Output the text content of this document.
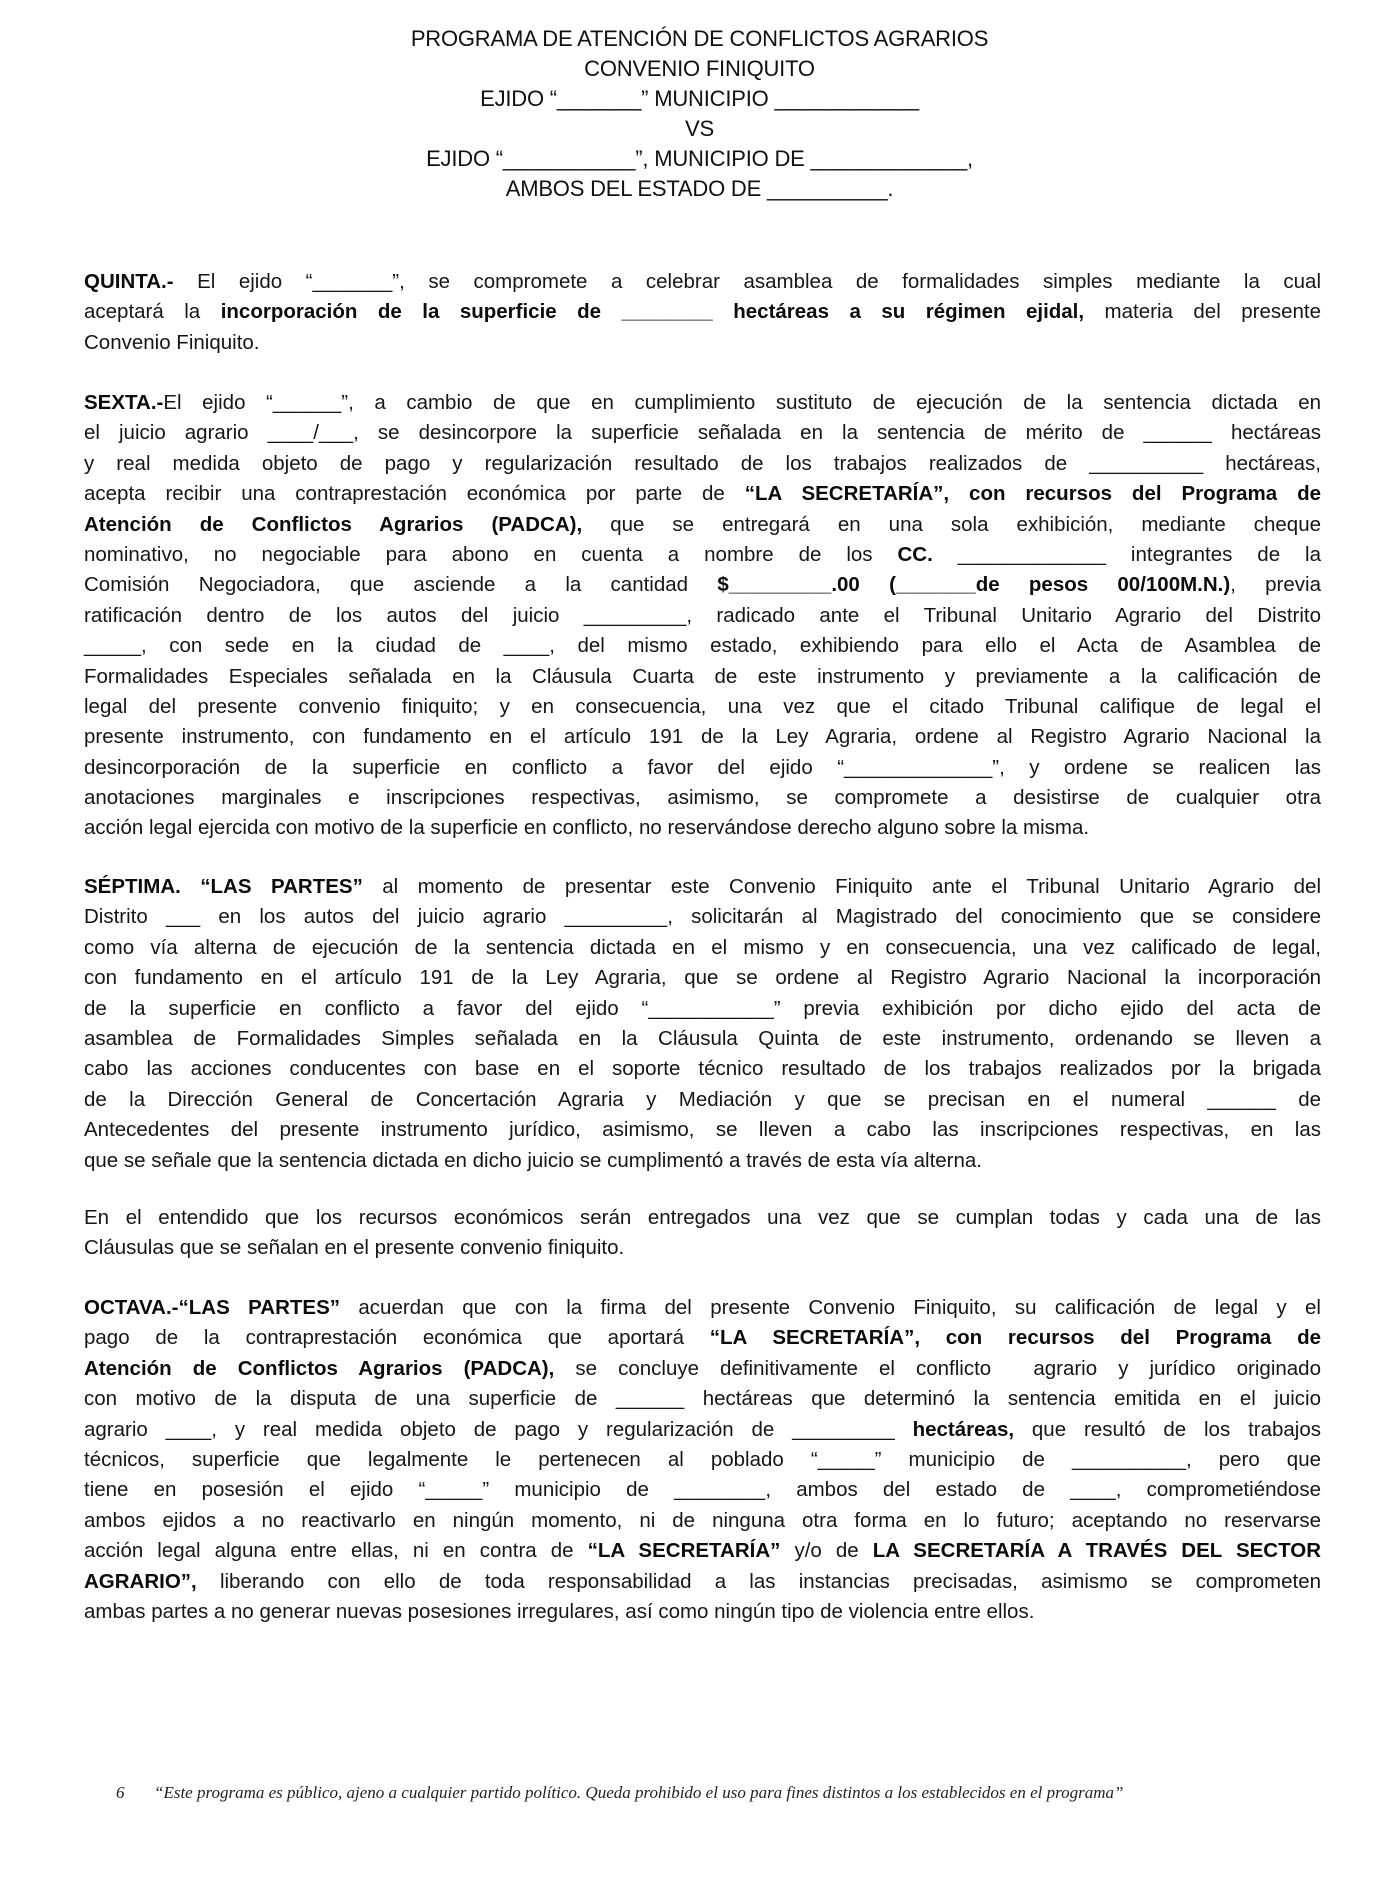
PROGRAMA DE ATENCIÓN DE CONFLICTOS AGRARIOS
CONVENIO FINIQUITO
EJIDO “_______” MUNICIPIO ____________
VS
EJIDO “___________”, MUNICIPIO DE _____________,
AMBOS DEL ESTADO DE __________.
QUINTA.- El ejido “_______”, se compromete a celebrar asamblea de formalidades simples mediante la cual
aceptará la incorporación de la superficie de ________ hectáreas a su régimen ejidal, materia del presente
Convenio Finiquito.
SEXTA.-El ejido “______”, a cambio de que en cumplimiento sustituto de ejecución de la sentencia dictada en
el juicio agrario ____/___, se desincorpore la superficie señalada en la sentencia de mérito de ______ hectáreas
y real medida objeto de pago y regularización resultado de los trabajos realizados de __________ hectáreas,
acepta recibir una contraprestación económica por parte de “LA SECRETARÍA”, con recursos del Programa de
Atención de Conflictos Agrarios (PADCA), que se entregará en una sola exhibición, mediante cheque
nominativo, no negociable para abono en cuenta a nombre de los CC. _____________ integrantes de la
Comisión Negociadora, que asciende a la cantidad $_________.00 (_______de pesos 00/100M.N.), previa
ratificación dentro de los autos del juicio _________, radicado ante el Tribunal Unitario Agrario del Distrito
_____, con sede en la ciudad de ____, del mismo estado, exhibiendo para ello el Acta de Asamblea de
Formalidades Especiales señalada en la Cláusula Cuarta de este instrumento y previamente a la calificación de
legal del presente convenio finiquito; y en consecuencia, una vez que el citado Tribunal califique de legal el
presente instrumento, con fundamento en el artículo 191 de la Ley Agraria, ordene al Registro Agrario Nacional la
desincorporación de la superficie en conflicto a favor del ejido “_____________”, y ordene se realicen las
anotaciones marginales e inscripciones respectivas, asimismo, se compromete a desistirse de cualquier otra
acción legal ejercida con motivo de la superficie en conflicto, no reservándose derecho alguno sobre la misma.
SÉPTIMA. “LAS PARTES” al momento de presentar este Convenio Finiquito ante el Tribunal Unitario Agrario del
Distrito ___ en los autos del juicio agrario _________, solicitarán al Magistrado del conocimiento que se considere
como vía alterna de ejecución de la sentencia dictada en el mismo y en consecuencia, una vez calificado de legal,
con fundamento en el artículo 191 de la Ley Agraria, que se ordene al Registro Agrario Nacional la incorporación
de la superficie en conflicto a favor del ejido “___________” previa exhibición por dicho ejido del acta de
asamblea de Formalidades Simples señalada en la Cláusula Quinta de este instrumento, ordenando se lleven a
cabo las acciones conducentes con base en el soporte técnico resultado de los trabajos realizados por la brigada
de la Dirección General de Concertación Agraria y Mediación y que se precisan en el numeral ______ de
Antecedentes del presente instrumento jurídico, asimismo, se lleven a cabo las inscripciones respectivas, en las
que se señale que la sentencia dictada en dicho juicio se cumplimentó a través de esta vía alterna.
En el entendido que los recursos económicos serán entregados una vez que se cumplan todas y cada una de las
Cláusulas que se señalan en el presente convenio finiquito.
OCTAVA.-“LAS PARTES” acuerdan que con la firma del presente Convenio Finiquito, su calificación de legal y el
pago de la contraprestación económica que aportará “LA SECRETARÍA”, con recursos del Programa de
Atención de Conflictos Agrarios (PADCA), se concluye definitivamente el conflicto  agrario y jurídico originado
con motivo de la disputa de una superficie de ______ hectáreas que determinó la sentencia emitida en el juicio
agrario ____, y real medida objeto de pago y regularización de _________ hectáreas, que resultó de los trabajos
técnicos, superficie que legalmente le pertenecen al poblado “_____” municipio de __________, pero que
tiene en posesión el ejido “_____” municipio de ________, ambos del estado de ____, comprometiéndose
ambos ejidos a no reactivarlo en ningún momento, ni de ninguna otra forma en lo futuro; aceptando no reservarse
acción legal alguna entre ellas, ni en contra de “LA SECRETARÍA” y/o de LA SECRETARÍA A TRAVÉS DEL SECTOR
AGRARIO”, liberando con ello de toda responsabilidad a las instancias precisadas, asimismo se comprometen
ambas partes a no generar nuevas posesiones irregulares, así como ningún tipo de violencia entre ellos.
6 “Este programa es público, ajeno a cualquier partido político. Queda prohibido el uso para fines distintos a los establecidos en el programa”
